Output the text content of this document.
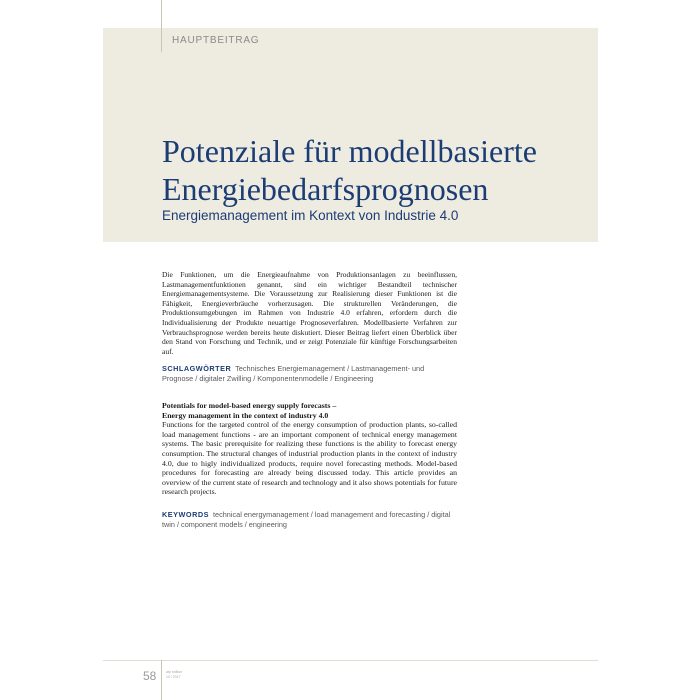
HAUPTBEITRAG
Potenziale für modellbasierte
Energiebedarfsprognosen
Energiemanagement im Kontext von Industrie 4.0

Die Funktionen, um die Energieaufnahme von Produktionsanlagen zu beeinflussen, Lastmanagementfunktionen genannt, sind ein wichtiger Bestandteil technischer Energiemanagementsysteme. Die Voraussetzung zur Realisierung dieser Funktionen ist die Fähigkeit, Energieverbräuche vorherzusagen. Die strukturellen Veränderungen, die Produktionsumgebungen im Rahmen von Industrie 4.0 erfahren, erfordern durch die Individualisierung der Produkte neuartige Prognoseverfahren. Modellbasierte Verfahren zur Verbrauchsprognose werden bereits heute diskutiert. Dieser Beitrag liefert einen Überblick über den Stand von Forschung und Technik, und er zeigt Potenziale für künftige Forschungsarbeiten auf.

SCHLAGWÖRTER Technisches Energiemanagement / Lastmanagement- und Prognose / digitaler Zwilling / Komponentenmodelle / Engineering
Potentials for model-based energy supply forecasts –
Energy management in the context of industry 4.0
Functions for the targeted control of the energy consumption of production plants, so-called load management functions - are an important component of technical energy management systems. The basic prerequisite for realizing these functions is the ability to forecast energy consumption. The structural changes of industrial production plants in the context of industry 4.0, due to higly individualized products, require novel forecasting methods. Model-based procedures for forecasting are already being discussed today. This article provides an overview of the current state of research and technology and it also shows potentials for future research projects.
KEYWORDS technical energymanagement / load management and forecasting / digital twin / component models / engineering
58	atp edition
10 / 2017
